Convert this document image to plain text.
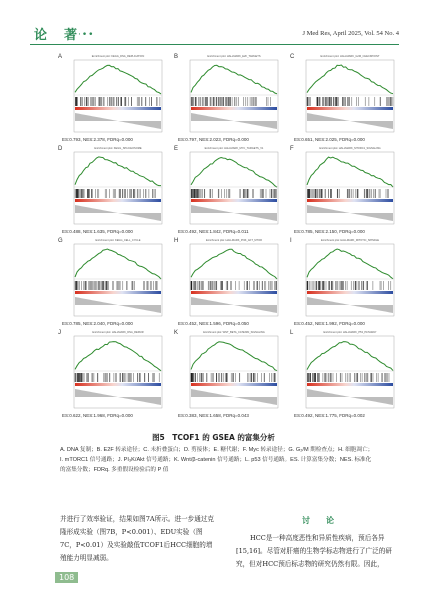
论　著
·••	J Med Res, April 2025, Vol. 54 No. 4
A	Enrichment plot: KEGG_DNA_REPLICATION
ES:0.793, NES:2.378, FDRq=0.000
B	Enrichment plot: HALLMARK_E2F_TARGETS
ES:0.797, NES:2.023, FDRq=0.000
C	Enrichment plot: HALLMARK_G2M_CHECKPOINT
ES:0.651, NES:2.025, FDRq=0.000
D	Enrichment plot: KEGG_SPLICEOSOME
ES:0.488, NES:1.635, FDRq=0.000
E	Enrichment plot: HALLMARK_MYC_TARGETS_V1
ES:0.492, NES:1.842, FDRq=0.011
F	Enrichment plot: HALLMARK_MTORC1_SIGNALING
ES:0.785, NES:2.150, FDRq=0.000
G	Enrichment plot: KEGG_CELL_CYCLE
ES:0.785, NES:2.040, FDRq=0.000
H	Enrichment plot: HALLMARK_PI3K_AKT_MTOR
ES:0.452, NES:1.596, FDRq=0.050
I	Enrichment plot: HALLMARK_MITOTIC_SPINDLE
ES:0.452, NES:1.992, FDRq=0.000
J	Enrichment plot: HALLMARK_DNA_REPAIR
ES:0.622, NES:1.968, FDRq=0.000
K	Enrichment plot: WNT_BETA_CATENIN_SIGNALING
ES:0.383, NES:1.658, FDRq=0.043
L	Enrichment plot: HALLMARK_P53_PATHWAY
ES:0.492, NES:1.775, FDRq=0.002
图5　TCOF1 的 GSEA 的富集分析
A. DNA 复制；B. E2F 转录途径；C. 未折叠蛋白；D. 剪接体；E. 糖代谢；F. Myc 转录途径；G. G₂/M 期检查点；H. 细胞凋亡；I. mTORC1 信号通路；J. PI₃K/Akt 信号通路；K. Wnt/β-catenin 信号通路；L. p53 信号通路。ES. 计算富集分数；NES. 标准化的富集分数；FDRq. 多重假设检验后的 P 值
并进行了效率验证，结果如图7A所示。进一步通过克隆形成实验（图7B，P<0.001）、EDU实验（图7C，P<0.01）及实验敲低TCOF1后HCC细胞的增殖能力明显减弱。
讨　论
HCC是一种高度恶性和异质性疾病，预后各异[15,16]。尽管对肝癌的生物学标志物进行了广泛的研究，但对HCC预后标志物的研究仍然有限。因此，
108
